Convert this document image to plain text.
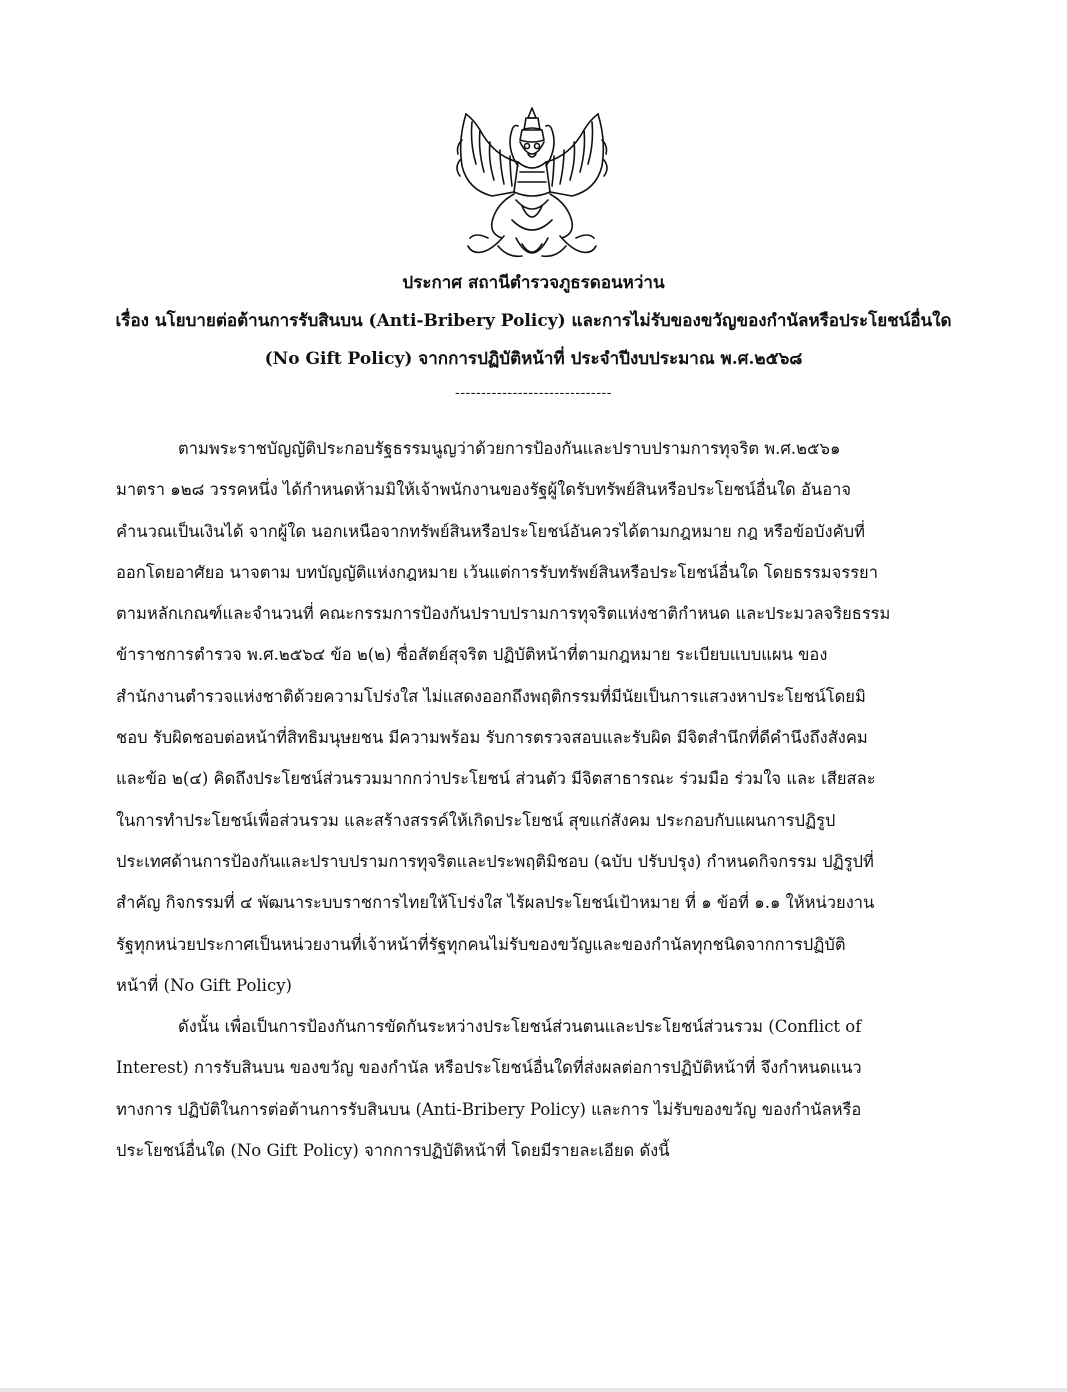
ประกาศ สถานีตำรวจภูธรดอนหว่าน
เรื่อง นโยบายต่อต้านการรับสินบน (Anti-Bribery Policy) และการไม่รับของขวัญของกำนัลหรือประโยชน์อื่นใด
(No Gift Policy) จากการปฏิบัติหน้าที่ ประจำปีงบประมาณ พ.ศ.๒๕๖๘
------------------------------
ตามพระราชบัญญัติประกอบรัฐธรรมนูญว่าด้วยการป้องกันและปราบปรามการทุจริต พ.ศ.๒๕๖๑
มาตรา ๑๒๘ วรรคหนึ่ง ได้กำหนดห้ามมิให้เจ้าพนักงานของรัฐผู้ใดรับทรัพย์สินหรือประโยชน์อื่นใด อันอาจ
คำนวณเป็นเงินได้ จากผู้ใด นอกเหนือจากทรัพย์สินหรือประโยชน์อันควรได้ตามกฎหมาย กฎ หรือข้อบังคับที่
ออกโดยอาศัยอ นาจตาม บทบัญญัติแห่งกฎหมาย เว้นแต่การรับทรัพย์สินหรือประโยชน์อื่นใด โดยธรรมจรรยา
ตามหลักเกณฑ์และจำนวนที่ คณะกรรมการป้องกันปราบปรามการทุจริตแห่งชาติกำหนด และประมวลจริยธรรม
ข้าราชการตำรวจ พ.ศ.๒๕๖๔ ข้อ ๒(๒) ซื่อสัตย์สุจริต ปฏิบัติหน้าที่ตามกฎหมาย ระเบียบแบบแผน ของ
สำนักงานตำรวจแห่งชาติด้วยความโปร่งใส ไม่แสดงออกถึงพฤติกรรมที่มีนัยเป็นการแสวงหาประโยชน์โดยมิ
ชอบ รับผิดชอบต่อหน้าที่สิทธิมนุษยชน มีความพร้อม รับการตรวจสอบและรับผิด มีจิตสำนึกที่ดีคำนึงถึงสังคม
และข้อ ๒(๔) คิดถึงประโยชน์ส่วนรวมมากกว่าประโยชน์ ส่วนตัว มีจิตสาธารณะ ร่วมมือ ร่วมใจ และ เสียสละ
ในการทำประโยชน์เพื่อส่วนรวม และสร้างสรรค์ให้เกิดประโยชน์ สุขแก่สังคม ประกอบกับแผนการปฏิรูป
ประเทศด้านการป้องกันและปราบปรามการทุจริตและประพฤติมิชอบ (ฉบับ ปรับปรุง) กำหนดกิจกรรม ปฏิรูปที่
สำคัญ กิจกรรมที่ ๔ พัฒนาระบบราชการไทยให้โปร่งใส ไร้ผลประโยชน์เป้าหมาย ที่ ๑ ข้อที่ ๑.๑ ให้หน่วยงาน
รัฐทุกหน่วยประกาศเป็นหน่วยงานที่เจ้าหน้าที่รัฐทุกคนไม่รับของขวัญและของกำนัลทุกชนิดจากการปฏิบัติ
หน้าที่ (No Gift Policy)
ดังนั้น เพื่อเป็นการป้องกันการขัดกันระหว่างประโยชน์ส่วนตนและประโยชน์ส่วนรวม (Conflict of
Interest) การรับสินบน ของขวัญ ของกำนัล หรือประโยชน์อื่นใดที่ส่งผลต่อการปฏิบัติหน้าที่ จึงกำหนดแนว
ทางการ ปฏิบัติในการต่อต้านการรับสินบน (Anti-Bribery Policy) และการ ไม่รับของขวัญ ของกำนัลหรือ
ประโยชน์อื่นใด (No Gift Policy) จากการปฏิบัติหน้าที่ โดยมีรายละเอียด ดังนี้
